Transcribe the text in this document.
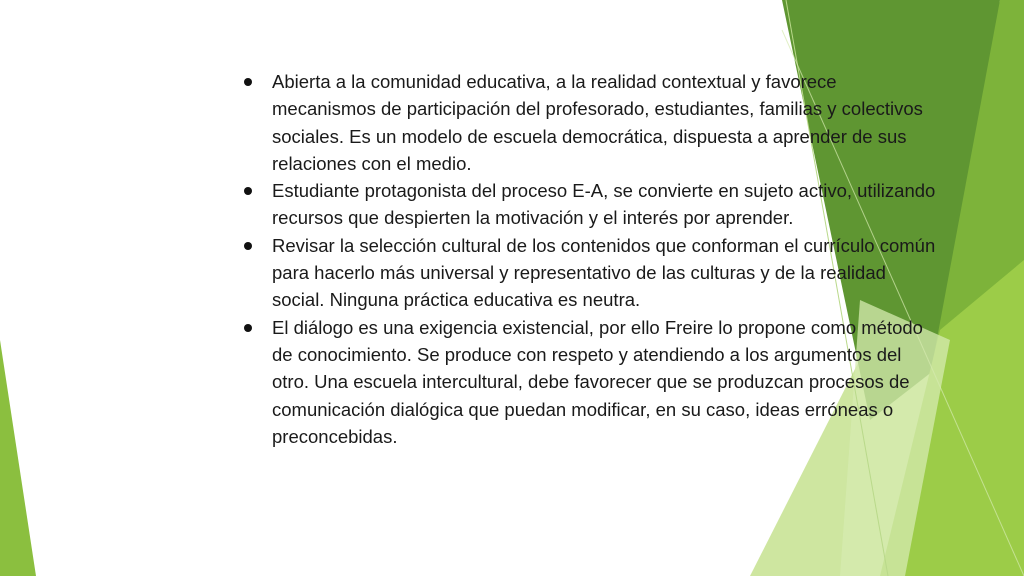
Abierta a la comunidad educativa, a la realidad contextual y favorece mecanismos de participación del profesorado, estudiantes, familias y colectivos sociales. Es un modelo de escuela democrática, dispuesta a aprender de sus relaciones con el medio.
Estudiante protagonista del proceso E-A, se convierte en sujeto activo, utilizando recursos que despierten la motivación y el interés por aprender.
Revisar la selección cultural de los contenidos que conforman el currículo común para hacerlo más universal y representativo de las culturas y de la realidad social. Ninguna práctica educativa es neutra.
El diálogo es una exigencia existencial, por ello Freire lo propone como método de conocimiento. Se produce con respeto y atendiendo a los argumentos del otro. Una escuela intercultural, debe favorecer que se produzcan procesos de comunicación dialógica que puedan modificar, en su caso, ideas erróneas o preconcebidas.
